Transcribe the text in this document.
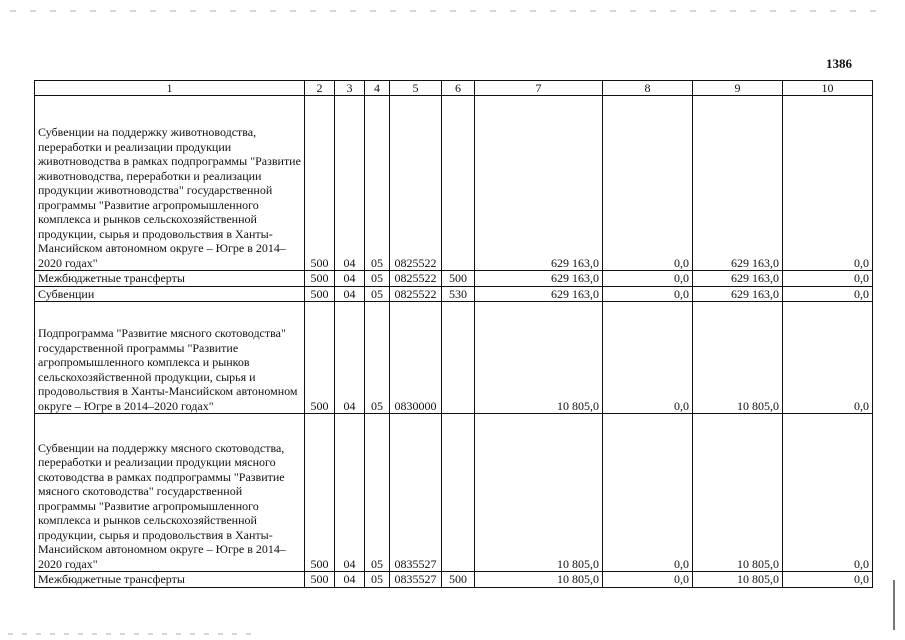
1386
1	2	3	4	5	6	7	8	9	10
Субвенции на поддержку животноводства, переработки и реализации продукции животноводства в рамках подпрограммы "Развитие животноводства, переработки и реализации продукции животноводства" государственной программы "Развитие агропромышленного комплекса и рынков сельскохозяйственной продукции, сырья и продовольствия в Ханты-Мансийском автономном округе – Югре в 2014–2020 годах"	500	04	05	0825522		629 163,0	0,0	629 163,0	0,0
Межбюджетные трансферты	500	04	05	0825522	500	629 163,0	0,0	629 163,0	0,0
Субвенции	500	04	05	0825522	530	629 163,0	0,0	629 163,0	0,0
Подпрограмма "Развитие мясного скотоводства" государственной программы "Развитие агропромышленного комплекса и рынков сельскохозяйственной продукции, сырья и продовольствия в Ханты-Мансийском автономном округе – Югре в 2014–2020 годах"	500	04	05	0830000		10 805,0	0,0	10 805,0	0,0
Субвенции на поддержку мясного скотоводства, переработки и реализации продукции мясного скотоводства в рамках подпрограммы "Развитие мясного скотоводства" государственной программы "Развитие агропромышленного комплекса и рынков сельскохозяйственной продукции, сырья и продовольствия в Ханты-Мансийском автономном округе – Югре в 2014–2020 годах"	500	04	05	0835527		10 805,0	0,0	10 805,0	0,0
Межбюджетные трансферты	500	04	05	0835527	500	10 805,0	0,0	10 805,0	0,0
